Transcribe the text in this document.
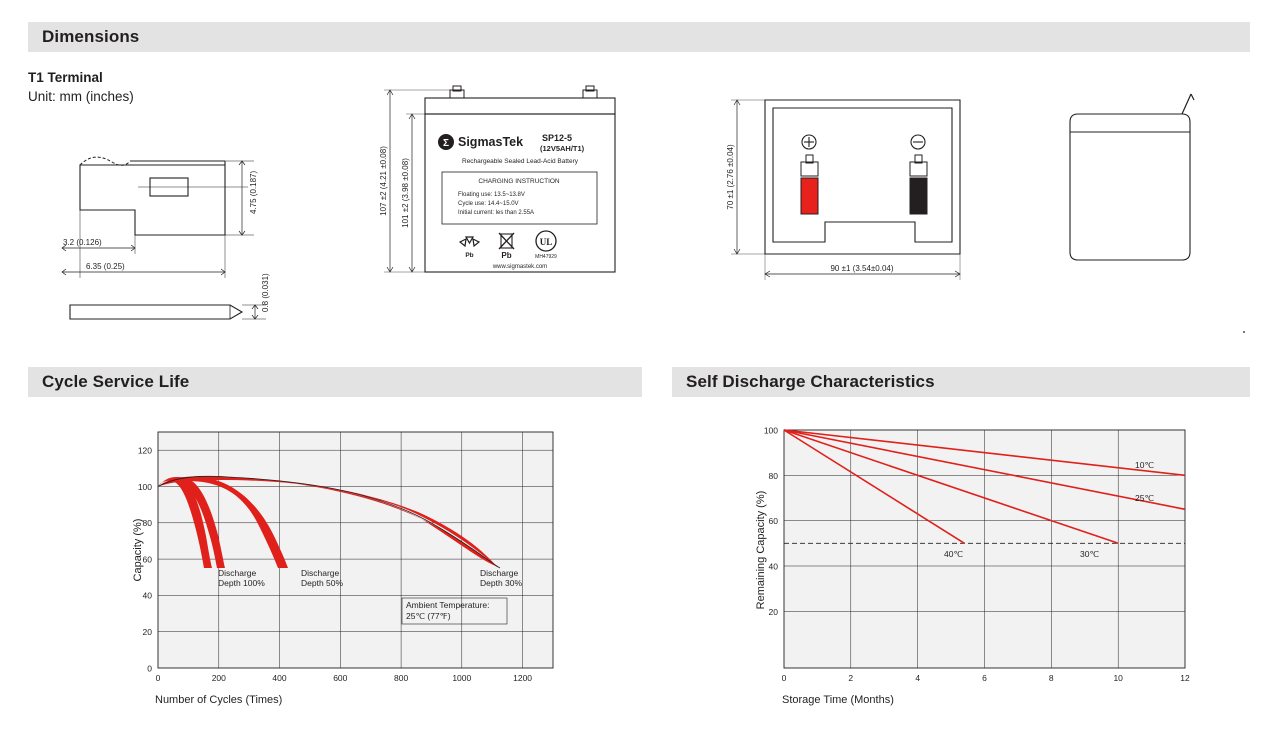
Dimensions
T1 Terminal
Unit: mm (inches)
4.75 (0.187)
3.2 (0.126)
6.35 (0.25)
0.8 (0.031)
Σ SigmasTek SP12-5
(12V5AH/T1)
Rechargeable Sealed Lead-Acid Battery
CHARGING INSTRUCTION
Floating use: 13.5~13.8V
Cycle use: 14.4~15.0V
Initial current: les than 2.55A
Pb	Pb
UL
MH47929
www.sigmastek.com
107 ±2 (4.21 ±0.08) 101 ±2 (3.98 ±0.08)	70 ±1 (2.76 ±0.04)
90 ±1 (3.54±0.04)
Cycle Service Life
120
100
80
60
40
20
0
0	200	400	600	800	1000	1200
Discharge
Depth 100%
Discharge
Depth 50%
Discharge
Depth 30%
Ambient Temperature:
25℃ (77℉)
Capacity (%)
Number of Cycles (Times)
Self Discharge Characteristics
100
80
60
40
20
0	2	4	6	8	10	12
10℃
25℃
30℃
40℃
Remaining Capacity (%)
Storage Time (Months)
